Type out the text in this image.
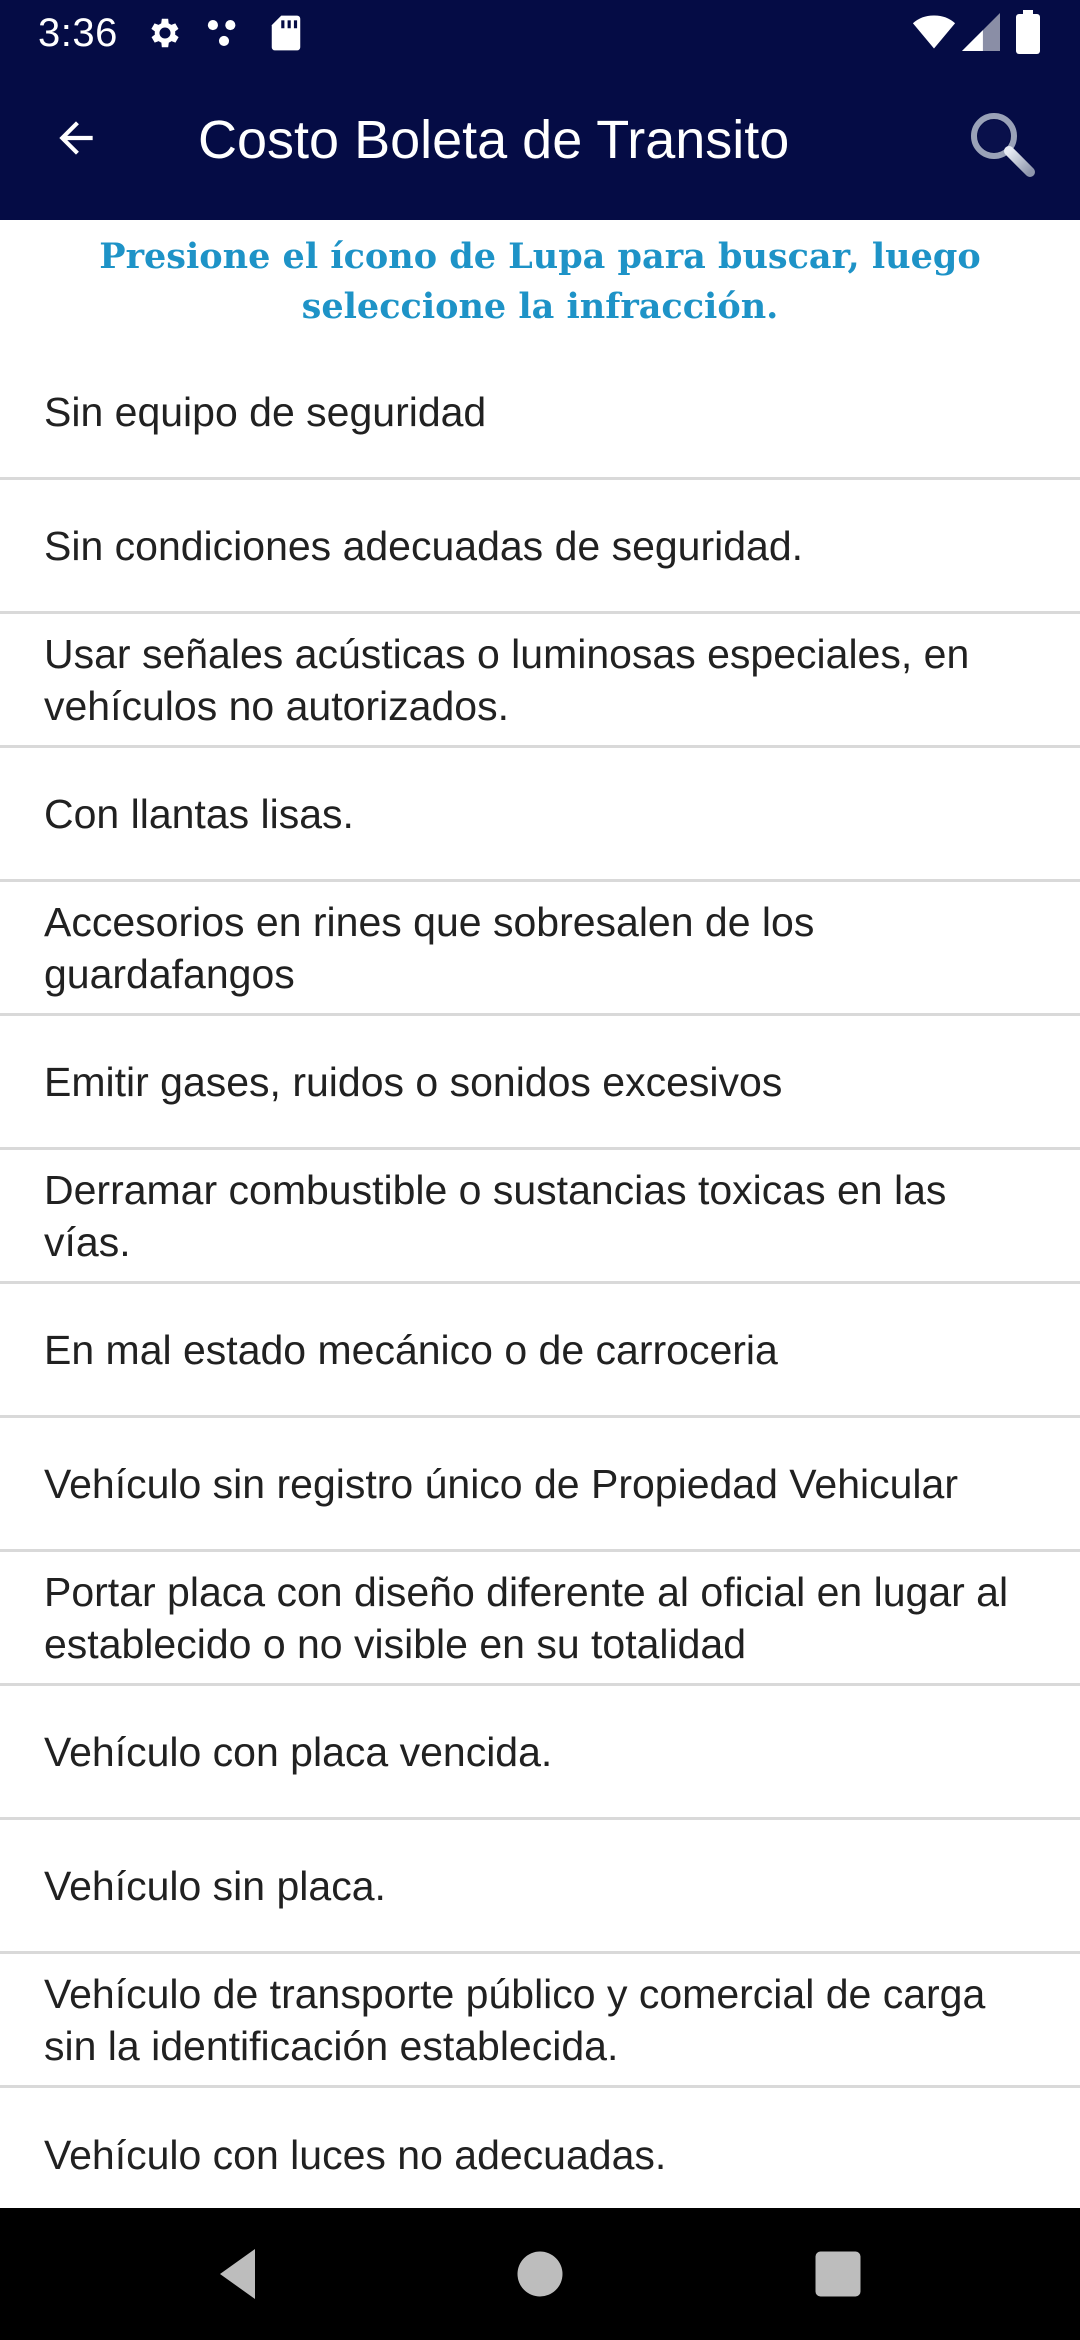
3:36
Costo Boleta de Transito
Presione el ícono de Lupa para buscar, luego seleccione la infracción.
Sin equipo de seguridad
Sin condiciones adecuadas de seguridad.
Usar señales acústicas o luminosas especiales, en vehículos no autorizados.
Con llantas lisas.
Accesorios en rines que sobresalen de los guardafangos
Emitir gases, ruidos o sonidos excesivos
Derramar combustible o sustancias toxicas en las vías.
En mal estado mecánico o de carroceria
Vehículo sin registro único de Propiedad Vehicular
Portar placa con diseño diferente al oficial en lugar al establecido o no visible en su totalidad
Vehículo con placa vencida.
Vehículo sin placa.
Vehículo de transporte público y comercial de carga sin la identificación establecida.
Vehículo con luces no adecuadas.
